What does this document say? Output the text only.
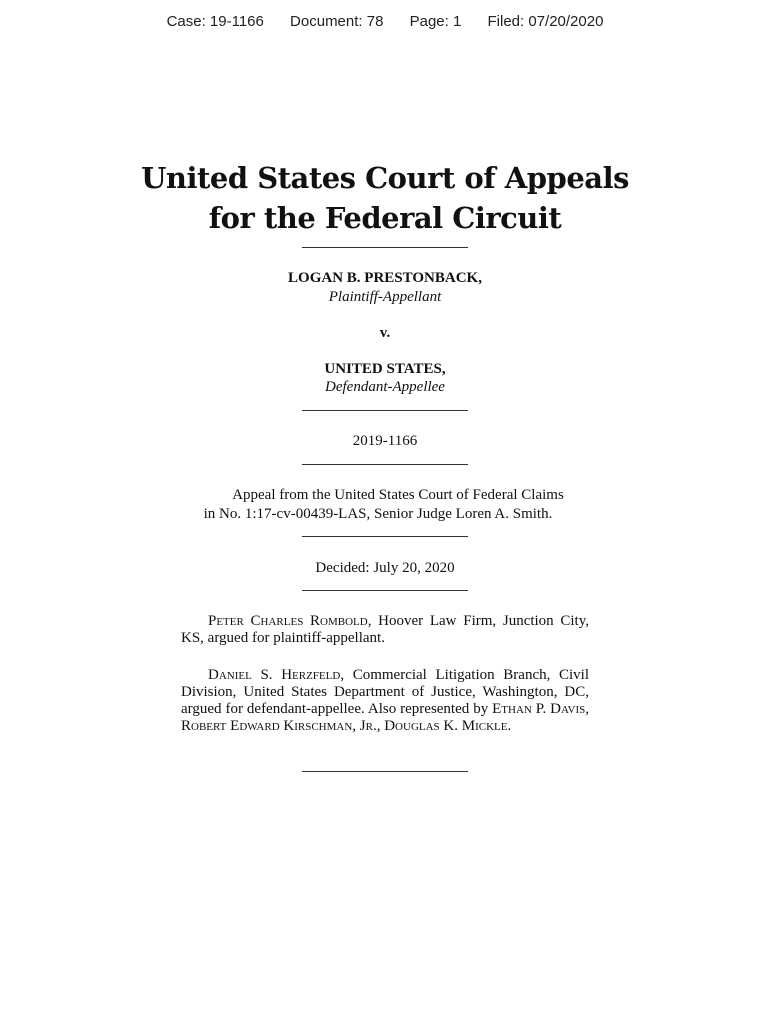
Case: 19-1166 Document: 78 Page: 1 Filed: 07/20/2020
United States Court of Appeals
for the Federal Circuit
LOGAN B. PRESTONBACK,
Plaintiff-Appellant
v.
UNITED STATES,
Defendant-Appellee
2019-1166
Appeal from the United States Court of Federal Claims
in No. 1:17-cv-00439-LAS, Senior Judge Loren A. Smith.
Decided: July 20, 2020
Peter Charles Rombold, Hoover Law Firm, Junction City, KS, argued for plaintiff-appellant.
Daniel S. Herzfeld, Commercial Litigation Branch, Civil Division, United States Department of Justice, Washington, DC, argued for defendant-appellee. Also represented by Ethan P. Davis, Robert Edward Kirschman, Jr., Douglas K. Mickle.
